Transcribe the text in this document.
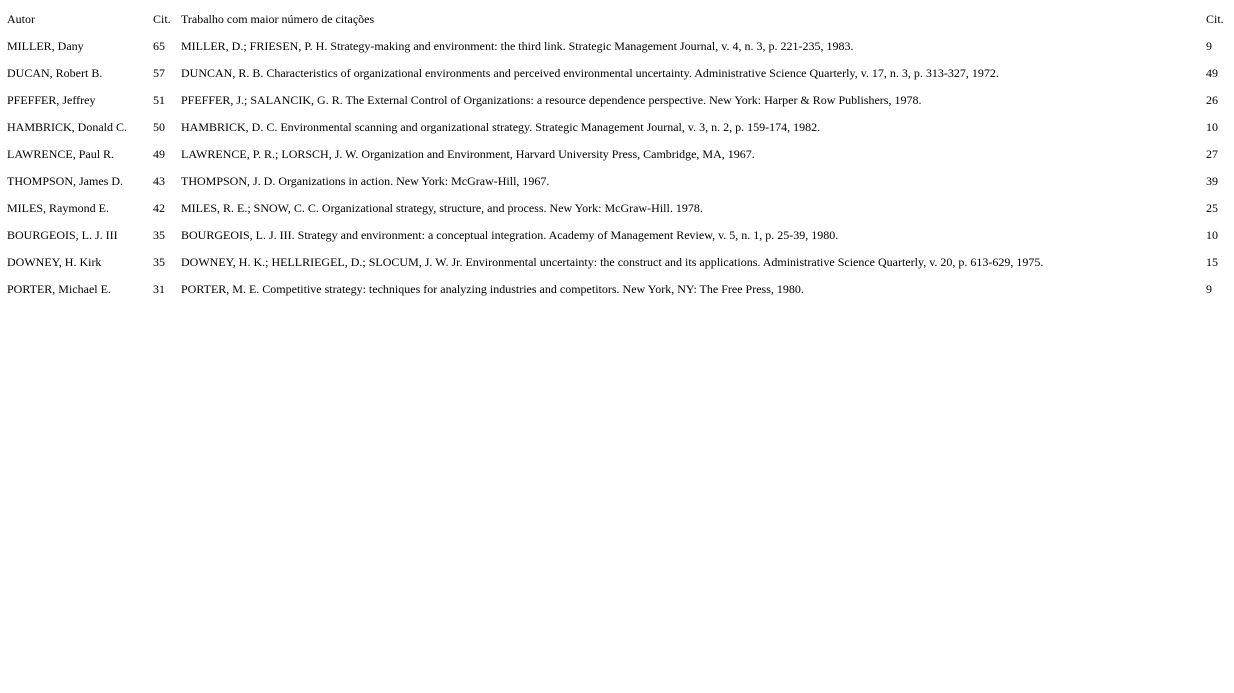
Autor	Cit.	Trabalho com maior número de citações	Cit.
MILLER, Dany	65	MILLER, D.; FRIESEN, P. H. Strategy-making and environment: the third link. Strategic Management Journal, v. 4, n. 3, p. 221-235, 1983.	9
DUCAN, Robert B.	57	DUNCAN, R. B. Characteristics of organizational environments and perceived environmental uncertainty. Administrative Science Quarterly, v. 17, n. 3, p. 313-327, 1972.	49
PFEFFER, Jeffrey	51	PFEFFER, J.; SALANCIK, G. R. The External Control of Organizations: a resource dependence perspective. New York: Harper & Row Publishers, 1978.	26
HAMBRICK, Donald C.	50	HAMBRICK, D. C. Environmental scanning and organizational strategy. Strategic Management Journal, v. 3, n. 2, p. 159-174, 1982.	10
LAWRENCE, Paul R.	49	LAWRENCE, P. R.; LORSCH, J. W. Organization and Environment, Harvard University Press, Cambridge, MA, 1967.	27
THOMPSON, James D.	43	THOMPSON, J. D. Organizations in action. New York: McGraw-Hill, 1967.	39
MILES, Raymond E.	42	MILES, R. E.; SNOW, C. C. Organizational strategy, structure, and process. New York: McGraw-Hill. 1978.	25
BOURGEOIS, L. J. III	35	BOURGEOIS, L. J. III. Strategy and environment: a conceptual integration. Academy of Management Review, v. 5, n. 1, p. 25-39, 1980.	10
DOWNEY, H. Kirk	35	DOWNEY, H. K.; HELLRIEGEL, D.; SLOCUM, J. W. Jr. Environmental uncertainty: the construct and its applications. Administrative Science Quarterly, v. 20, p. 613-629, 1975.	15
PORTER, Michael E.	31	PORTER, M. E. Competitive strategy: techniques for analyzing industries and competitors. New York, NY: The Free Press, 1980.	9
